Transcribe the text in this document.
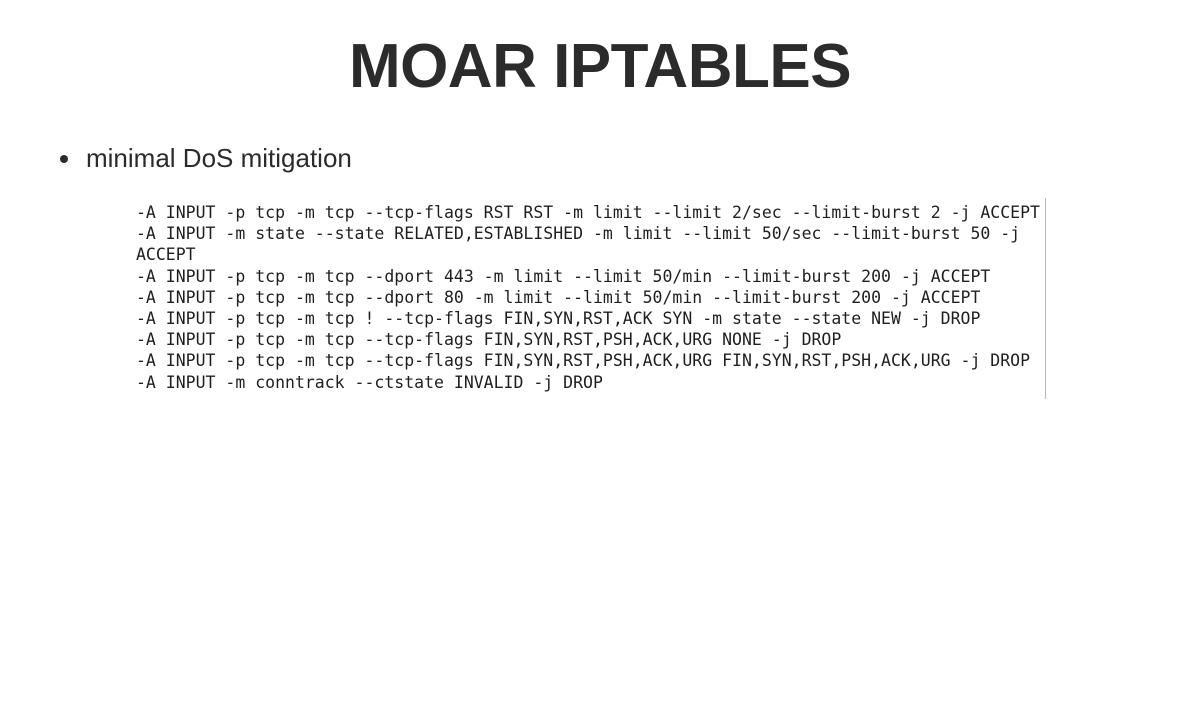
MOAR IPTABLES
minimal DoS mitigation
-A INPUT -p tcp -m tcp --tcp-flags RST RST -m limit --limit 2/sec --limit-burst 2 -j ACCEPT
-A INPUT -m state --state RELATED,ESTABLISHED -m limit --limit 50/sec --limit-burst 50 -j ACCEPT
-A INPUT -p tcp -m tcp --dport 443 -m limit --limit 50/min --limit-burst 200 -j ACCEPT
-A INPUT -p tcp -m tcp --dport 80 -m limit --limit 50/min --limit-burst 200 -j ACCEPT
-A INPUT -p tcp -m tcp ! --tcp-flags FIN,SYN,RST,ACK SYN -m state --state NEW -j DROP
-A INPUT -p tcp -m tcp --tcp-flags FIN,SYN,RST,PSH,ACK,URG NONE -j DROP
-A INPUT -p tcp -m tcp --tcp-flags FIN,SYN,RST,PSH,ACK,URG FIN,SYN,RST,PSH,ACK,URG -j DROP
-A INPUT -m conntrack --ctstate INVALID -j DROP
